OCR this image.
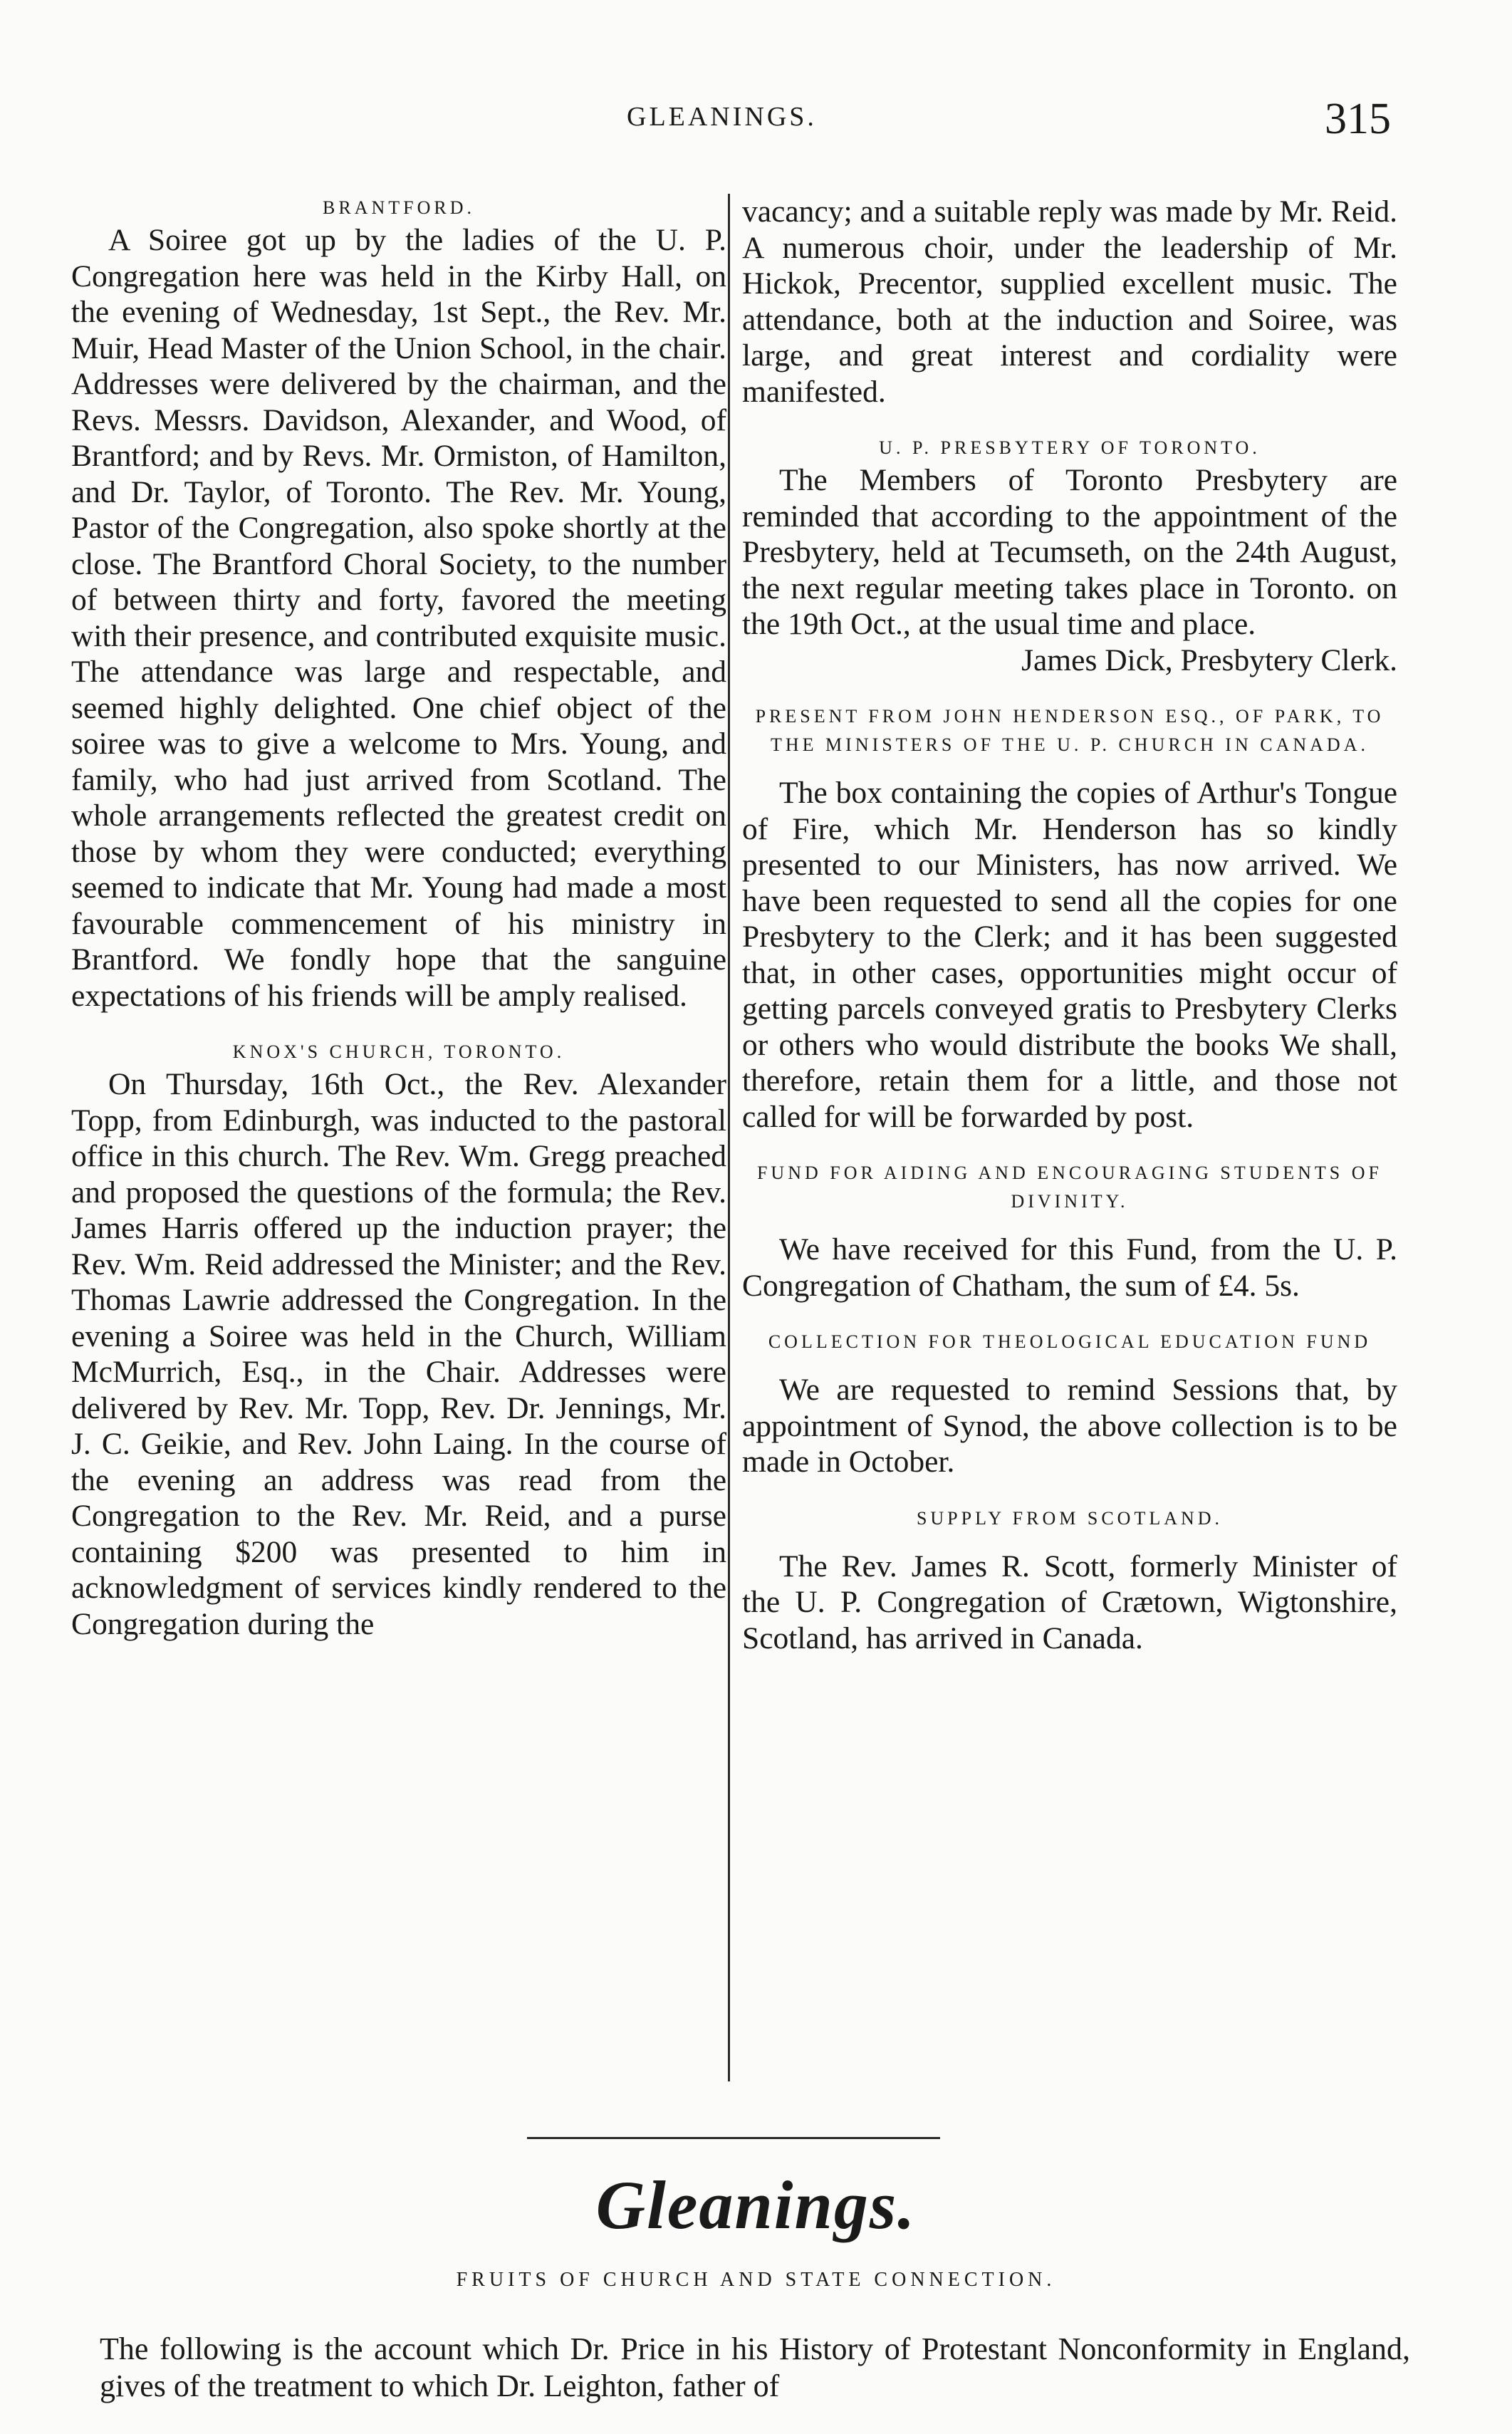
GLEANINGS.	315
BRANTFORD.

A Soiree got up by the ladies of the U. P. Congregation here was held in the Kirby Hall, on the evening of Wednesday, 1st Sept., the Rev. Mr. Muir, Head Master of the Union School, in the chair. Addresses were delivered by the chairman, and the Revs. Messrs. Davidson, Alexander, and Wood, of Brantford; and by Revs. Mr. Ormiston, of Hamilton, and Dr. Taylor, of Toronto. The Rev. Mr. Young, Pastor of the Congregation, also spoke shortly at the close. The Brantford Choral Society, to the number of between thirty and forty, favored the meeting with their presence, and contributed exquisite music. The attendance was large and respectable, and seemed highly delighted. One chief object of the soiree was to give a welcome to Mrs. Young, and family, who had just arrived from Scotland. The whole arrangements reflected the greatest credit on those by whom they were conducted; everything seemed to indicate that Mr. Young had made a most favourable commencement of his ministry in Brantford. We fondly hope that the sanguine expectations of his friends will be amply realised.

KNOX'S CHURCH, TORONTO.

On Thursday, 16th Oct., the Rev. Alexander Topp, from Edinburgh, was inducted to the pastoral office in this church. The Rev. Wm. Gregg preached and proposed the questions of the formula; the Rev. James Harris offered up the induction prayer; the Rev. Wm. Reid addressed the Minister; and the Rev. Thomas Lawrie addressed the Congregation. In the evening a Soiree was held in the Church, William McMurrich, Esq., in the Chair. Addresses were delivered by Rev. Mr. Topp, Rev. Dr. Jennings, Mr. J. C. Geikie, and Rev. John Laing. In the course of the evening an address was read from the Congregation to the Rev. Mr. Reid, and a purse containing $200 was presented to him in acknowledgment of services kindly rendered to the Congregation during the

vacancy; and a suitable reply was made by Mr. Reid. A numerous choir, under the leadership of Mr. Hickok, Precentor, supplied excellent music. The attendance, both at the induction and Soiree, was large, and great interest and cordiality were manifested.

U. P. PRESBYTERY OF TORONTO.

The Members of Toronto Presbytery are reminded that according to the appointment of the Presbytery, held at Tecumseth, on the 24th August, the next regular meeting takes place in Toronto. on the 19th Oct., at the usual time and place.

James Dick, Presbytery Clerk.

PRESENT FROM JOHN HENDERSON ESQ., OF PARK, TO THE MINISTERS OF THE U. P. CHURCH IN CANADA.

The box containing the copies of Arthur's Tongue of Fire, which Mr. Henderson has so kindly presented to our Ministers, has now arrived. We have been requested to send all the copies for one Presbytery to the Clerk; and it has been suggested that, in other cases, opportunities might occur of getting parcels conveyed gratis to Presbytery Clerks or others who would distribute the books We shall, therefore, retain them for a little, and those not called for will be forwarded by post.

FUND FOR AIDING AND ENCOURAGING STUDENTS OF DIVINITY.

We have received for this Fund, from the U. P. Congregation of Chatham, the sum of £4. 5s.

COLLECTION FOR THEOLOGICAL EDUCATION FUND

We are requested to remind Sessions that, by appointment of Synod, the above collection is to be made in October.

SUPPLY FROM SCOTLAND.

The Rev. James R. Scott, formerly Minister of the U. P. Congregation of Crætown, Wigtonshire, Scotland, has arrived in Canada.

Gleanings.
FRUITS OF CHURCH AND STATE CONNECTION.

The following is the account which Dr. Price in his History of Protestant Nonconformity in England, gives of the treatment to which Dr. Leighton, father of
